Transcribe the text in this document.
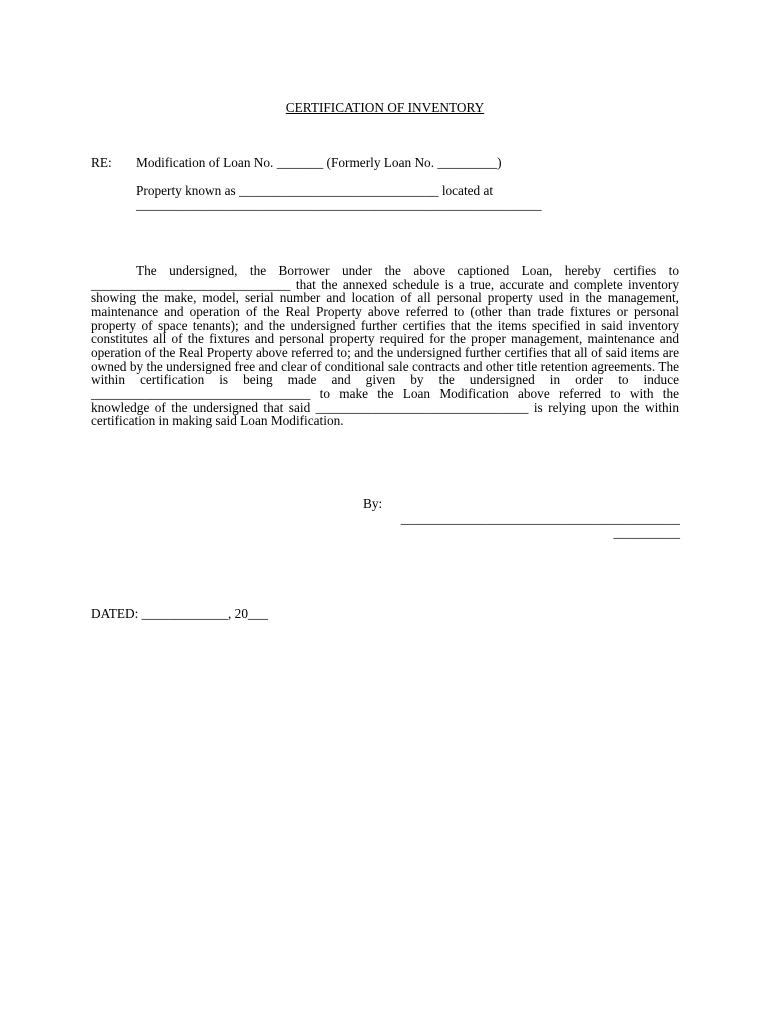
CERTIFICATION OF INVENTORY
RE: Modification of Loan No. _______ (Formerly Loan No. _________)
Property known as ______________________________ located at
_____________________________________________________________
The undersigned, the Borrower under the above captioned Loan, hereby certifies to ______________________________ that the annexed schedule is a true, accurate and complete inventory showing the make, model, serial number and location of all personal property used in the management, maintenance and operation of the Real Property above referred to (other than trade fixtures or personal property of space tenants); and the undersigned further certifies that the items specified in said inventory constitutes all of the fixtures and personal property required for the proper management, maintenance and operation of the Real Property above referred to; and the undersigned further certifies that all of said items are owned by the undersigned free and clear of conditional sale contracts and other title retention agreements. The within certification is being made and given by the undersigned in order to induce _________________________________ to make the Loan Modification above referred to with the knowledge of the undersigned that said ________________________________ is relying upon the within certification in making said Loan Modification.
By:
__________________________________________
__________
DATED: _____________, 20___
